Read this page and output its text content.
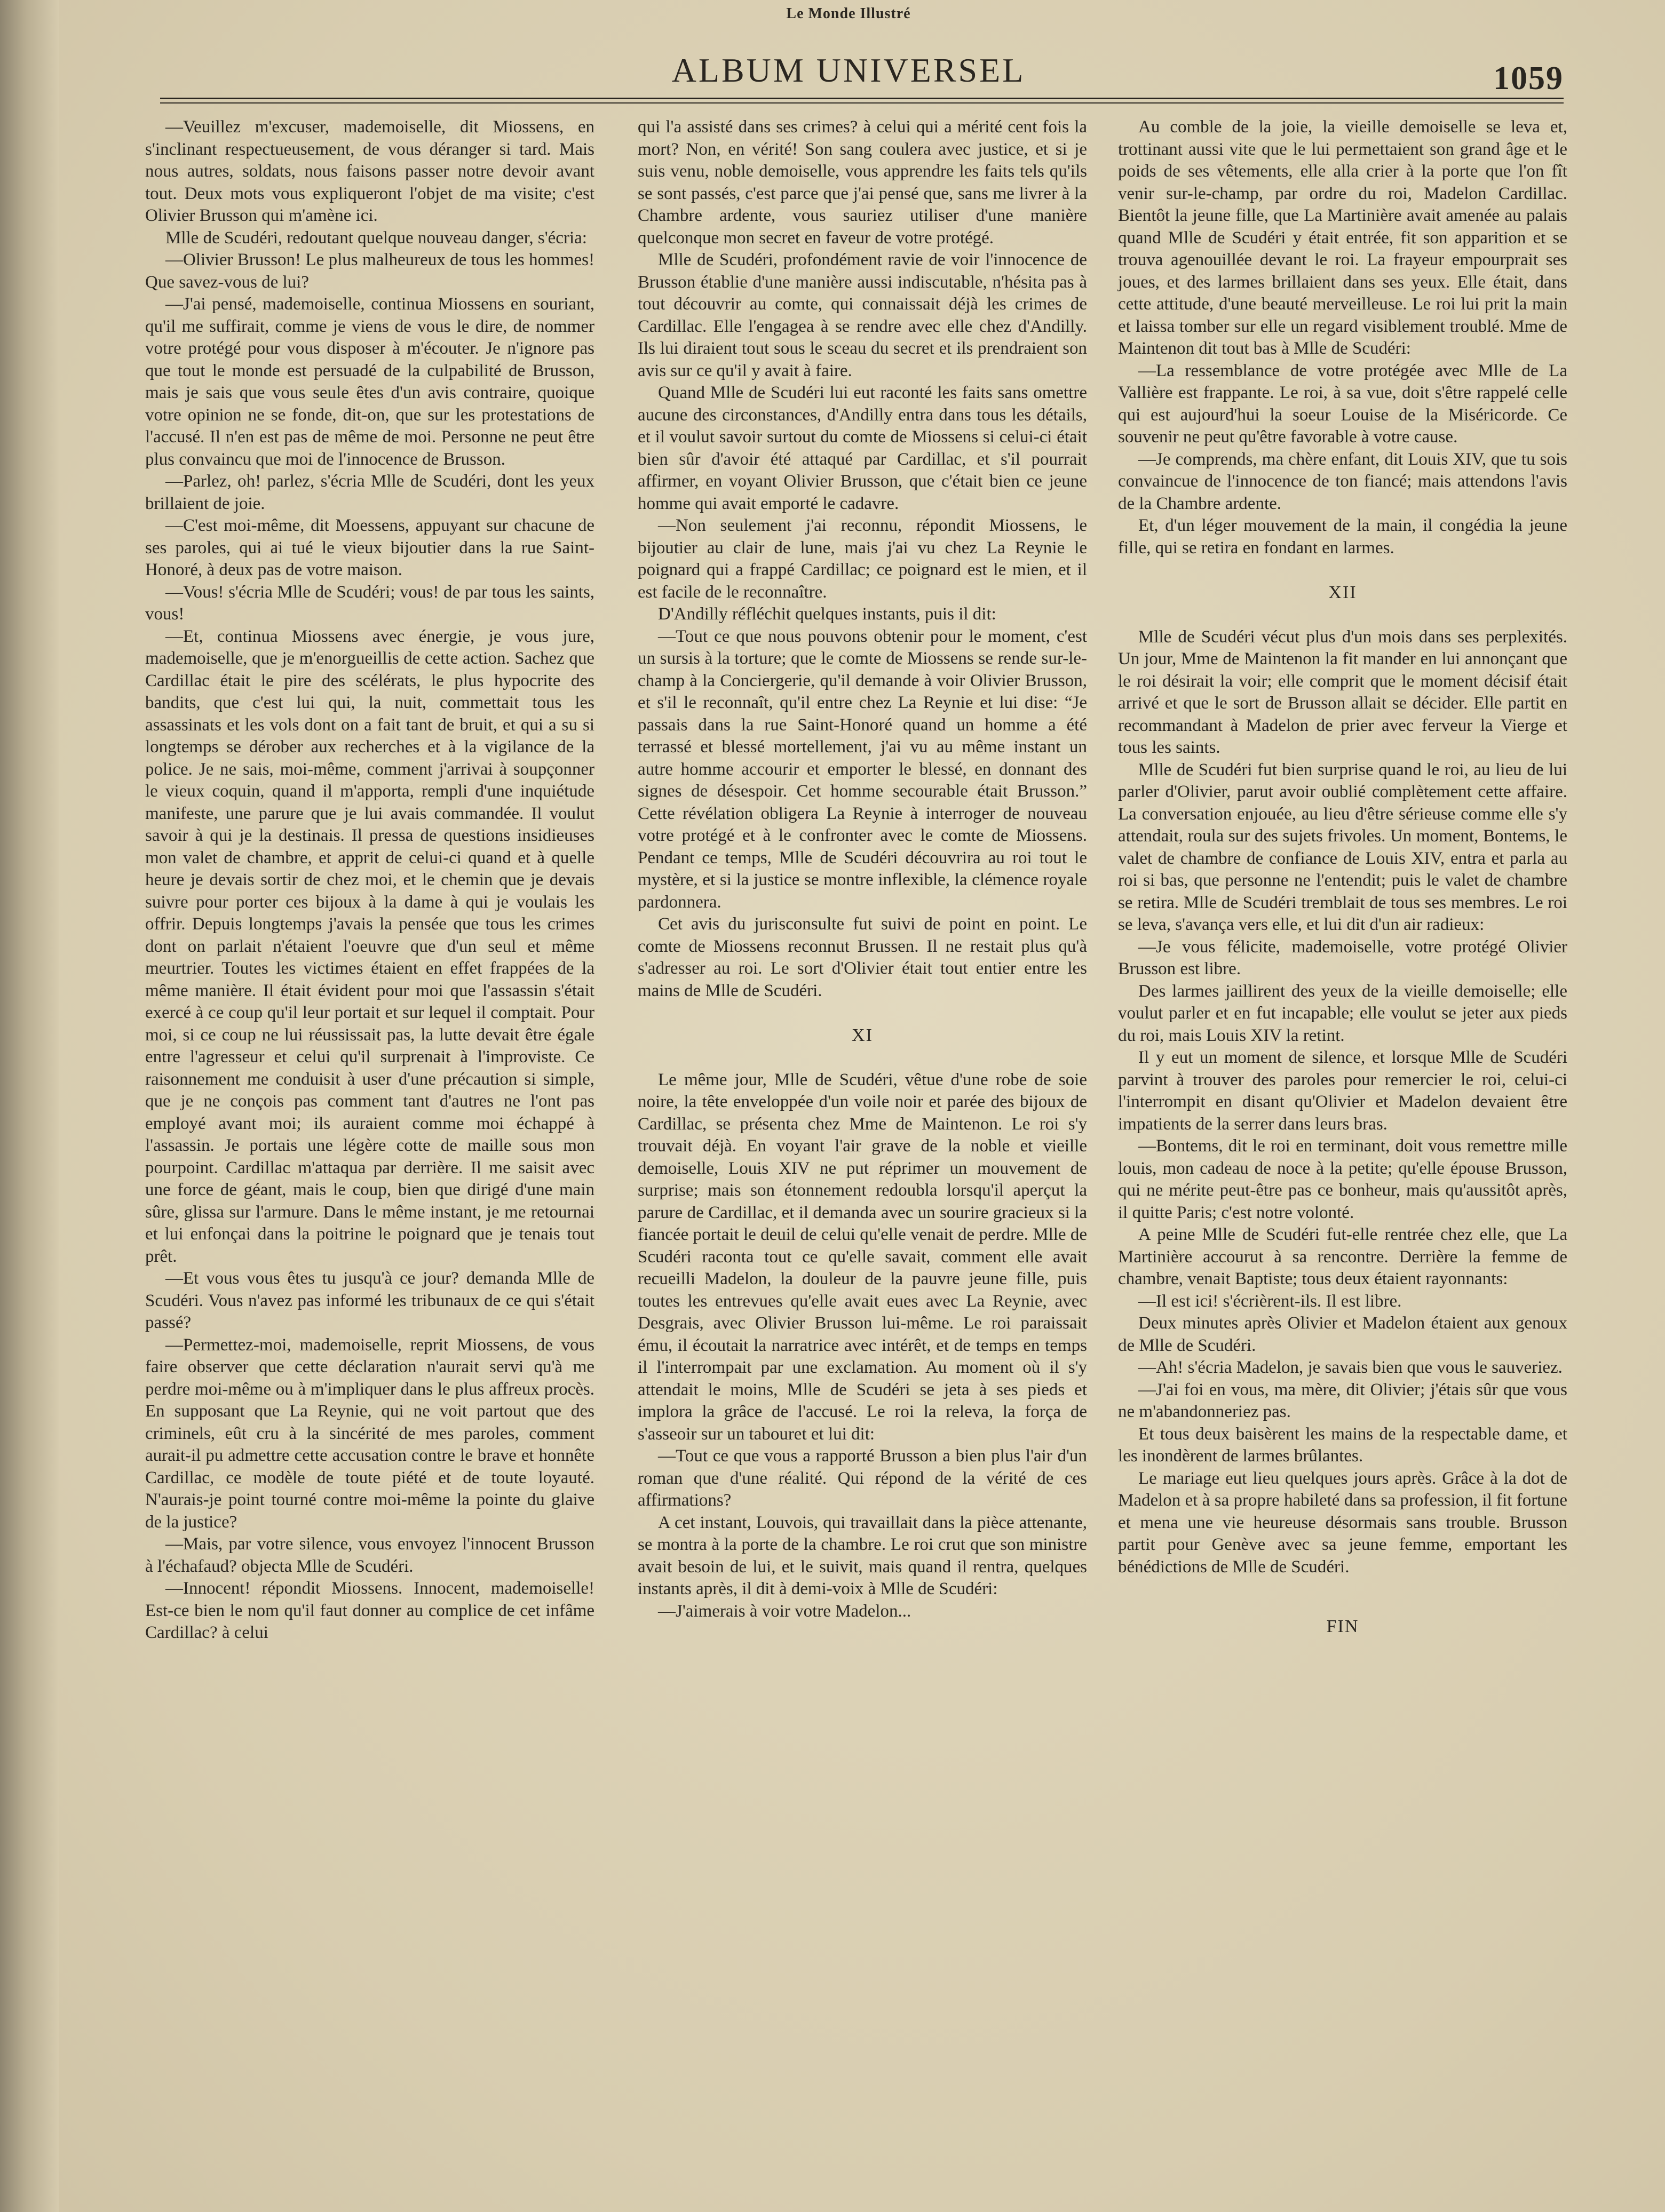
Le Monde Illustré
ALBUM UNIVERSEL	1059

—Veuillez m'excuser, mademoiselle, dit Miossens, en s'inclinant respectueusement, de vous déranger si tard. Mais nous autres, soldats, nous faisons passer notre devoir avant tout. Deux mots vous expliqueront l'objet de ma visite; c'est Olivier Brusson qui m'amène ici.

Mlle de Scudéri, redoutant quelque nouveau danger, s'écria:

—Olivier Brusson! Le plus malheureux de tous les hommes! Que savez-vous de lui?

—J'ai pensé, mademoiselle, continua Miossens en souriant, qu'il me suffirait, comme je viens de vous le dire, de nommer votre protégé pour vous disposer à m'écouter. Je n'ignore pas que tout le monde est persuadé de la culpabilité de Brusson, mais je sais que vous seule êtes d'un avis contraire, quoique votre opinion ne se fonde, dit-on, que sur les protestations de l'accusé. Il n'en est pas de même de moi. Personne ne peut être plus convaincu que moi de l'innocence de Brusson.

—Parlez, oh! parlez, s'écria Mlle de Scudéri, dont les yeux brillaient de joie.

—C'est moi-même, dit Moessens, appuyant sur chacune de ses paroles, qui ai tué le vieux bijoutier dans la rue Saint-Honoré, à deux pas de votre maison.

—Vous! s'écria Mlle de Scudéri; vous! de par tous les saints, vous!

—Et, continua Miossens avec énergie, je vous jure, mademoiselle, que je m'enorgueillis de cette action. Sachez que Cardillac était le pire des scélérats, le plus hypocrite des bandits, que c'est lui qui, la nuit, commettait tous les assassinats et les vols dont on a fait tant de bruit, et qui a su si longtemps se dérober aux recherches et à la vigilance de la police. Je ne sais, moi-même, comment j'arrivai à soupçonner le vieux coquin, quand il m'apporta, rempli d'une inquiétude manifeste, une parure que je lui avais commandée. Il voulut savoir à qui je la destinais. Il pressa de questions insidieuses mon valet de chambre, et apprit de celui-ci quand et à quelle heure je devais sortir de chez moi, et le chemin que je devais suivre pour porter ces bijoux à la dame à qui je voulais les offrir. Depuis longtemps j'avais la pensée que tous les crimes dont on parlait n'étaient l'oeuvre que d'un seul et même meurtrier. Toutes les victimes étaient en effet frappées de la même manière. Il était évident pour moi que l'assassin s'était exercé à ce coup qu'il leur portait et sur lequel il comptait. Pour moi, si ce coup ne lui réussissait pas, la lutte devait être égale entre l'agresseur et celui qu'il surprenait à l'improviste. Ce raisonnement me conduisit à user d'une précaution si simple, que je ne conçois pas comment tant d'autres ne l'ont pas employé avant moi; ils auraient comme moi échappé à l'assassin. Je portais une légère cotte de maille sous mon pourpoint. Cardillac m'attaqua par derrière. Il me saisit avec une force de géant, mais le coup, bien que dirigé d'une main sûre, glissa sur l'armure. Dans le même instant, je me retournai et lui enfonçai dans la poitrine le poignard que je tenais tout prêt.

—Et vous vous êtes tu jusqu'à ce jour? demanda Mlle de Scudéri. Vous n'avez pas informé les tribunaux de ce qui s'était passé?

—Permettez-moi, mademoiselle, reprit Miossens, de vous faire observer que cette déclaration n'aurait servi qu'à me perdre moi-même ou à m'impliquer dans le plus affreux procès. En supposant que La Reynie, qui ne voit partout que des criminels, eût cru à la sincérité de mes paroles, comment aurait-il pu admettre cette accusation contre le brave et honnête Cardillac, ce modèle de toute piété et de toute loyauté. N'aurais-je point tourné contre moi-même la pointe du glaive de la justice?

—Mais, par votre silence, vous envoyez l'innocent Brusson à l'échafaud? objecta Mlle de Scudéri.

—Innocent! répondit Miossens. Innocent, mademoiselle! Est-ce bien le nom qu'il faut donner au complice de cet infâme Cardillac? à celui

qui l'a assisté dans ses crimes? à celui qui a mérité cent fois la mort? Non, en vérité! Son sang coulera avec justice, et si je suis venu, noble demoiselle, vous apprendre les faits tels qu'ils se sont passés, c'est parce que j'ai pensé que, sans me livrer à la Chambre ardente, vous sauriez utiliser d'une manière quelconque mon secret en faveur de votre protégé.

Mlle de Scudéri, profondément ravie de voir l'innocence de Brusson établie d'une manière aussi indiscutable, n'hésita pas à tout découvrir au comte, qui connaissait déjà les crimes de Cardillac. Elle l'engagea à se rendre avec elle chez d'Andilly. Ils lui diraient tout sous le sceau du secret et ils prendraient son avis sur ce qu'il y avait à faire.

Quand Mlle de Scudéri lui eut raconté les faits sans omettre aucune des circonstances, d'Andilly entra dans tous les détails, et il voulut savoir surtout du comte de Miossens si celui-ci était bien sûr d'avoir été attaqué par Cardillac, et s'il pourrait affirmer, en voyant Olivier Brusson, que c'était bien ce jeune homme qui avait emporté le cadavre.

—Non seulement j'ai reconnu, répondit Miossens, le bijoutier au clair de lune, mais j'ai vu chez La Reynie le poignard qui a frappé Cardillac; ce poignard est le mien, et il est facile de le reconnaître.

D'Andilly réfléchit quelques instants, puis il dit:

—Tout ce que nous pouvons obtenir pour le moment, c'est un sursis à la torture; que le comte de Miossens se rende sur-le-champ à la Conciergerie, qu'il demande à voir Olivier Brusson, et s'il le reconnaît, qu'il entre chez La Reynie et lui dise: “Je passais dans la rue Saint-Honoré quand un homme a été terrassé et blessé mortellement, j'ai vu au même instant un autre homme accourir et emporter le blessé, en donnant des signes de désespoir. Cet homme secourable était Brusson.” Cette révélation obligera La Reynie à interroger de nouveau votre protégé et à le confronter avec le comte de Miossens. Pendant ce temps, Mlle de Scudéri découvrira au roi tout le mystère, et si la justice se montre inflexible, la clémence royale pardonnera.

Cet avis du jurisconsulte fut suivi de point en point. Le comte de Miossens reconnut Brussen. Il ne restait plus qu'à s'adresser au roi. Le sort d'Olivier était tout entier entre les mains de Mlle de Scudéri.

XI

Le même jour, Mlle de Scudéri, vêtue d'une robe de soie noire, la tête enveloppée d'un voile noir et parée des bijoux de Cardillac, se présenta chez Mme de Maintenon. Le roi s'y trouvait déjà. En voyant l'air grave de la noble et vieille demoiselle, Louis XIV ne put réprimer un mouvement de surprise; mais son étonnement redoubla lorsqu'il aperçut la parure de Cardillac, et il demanda avec un sourire gracieux si la fiancée portait le deuil de celui qu'elle venait de perdre. Mlle de Scudéri raconta tout ce qu'elle savait, comment elle avait recueilli Madelon, la douleur de la pauvre jeune fille, puis toutes les entrevues qu'elle avait eues avec La Reynie, avec Desgrais, avec Olivier Brusson lui-même. Le roi paraissait ému, il écoutait la narratrice avec intérêt, et de temps en temps il l'interrompait par une exclamation. Au moment où il s'y attendait le moins, Mlle de Scudéri se jeta à ses pieds et implora la grâce de l'accusé. Le roi la releva, la força de s'asseoir sur un tabouret et lui dit:

—Tout ce que vous a rapporté Brusson a bien plus l'air d'un roman que d'une réalité. Qui répond de la vérité de ces affirmations?

A cet instant, Louvois, qui travaillait dans la pièce attenante, se montra à la porte de la chambre. Le roi crut que son ministre avait besoin de lui, et le suivit, mais quand il rentra, quelques instants après, il dit à demi-voix à Mlle de Scudéri:

—J'aimerais à voir votre Madelon...

Au comble de la joie, la vieille demoiselle se leva et, trottinant aussi vite que le lui permettaient son grand âge et le poids de ses vêtements, elle alla crier à la porte que l'on fît venir sur-le-champ, par ordre du roi, Madelon Cardillac. Bientôt la jeune fille, que La Martinière avait amenée au palais quand Mlle de Scudéri y était entrée, fit son apparition et se trouva agenouillée devant le roi. La frayeur empourprait ses joues, et des larmes brillaient dans ses yeux. Elle était, dans cette attitude, d'une beauté merveilleuse. Le roi lui prit la main et laissa tomber sur elle un regard visiblement troublé. Mme de Maintenon dit tout bas à Mlle de Scudéri:

—La ressemblance de votre protégée avec Mlle de La Vallière est frappante. Le roi, à sa vue, doit s'être rappelé celle qui est aujourd'hui la soeur Louise de la Miséricorde. Ce souvenir ne peut qu'être favorable à votre cause.

—Je comprends, ma chère enfant, dit Louis XIV, que tu sois convaincue de l'innocence de ton fiancé; mais attendons l'avis de la Chambre ardente.

Et, d'un léger mouvement de la main, il congédia la jeune fille, qui se retira en fondant en larmes.

XII

Mlle de Scudéri vécut plus d'un mois dans ses perplexités. Un jour, Mme de Maintenon la fit mander en lui annonçant que le roi désirait la voir; elle comprit que le moment décisif était arrivé et que le sort de Brusson allait se décider. Elle partit en recommandant à Madelon de prier avec ferveur la Vierge et tous les saints.

Mlle de Scudéri fut bien surprise quand le roi, au lieu de lui parler d'Olivier, parut avoir oublié complètement cette affaire. La conversation enjouée, au lieu d'être sérieuse comme elle s'y attendait, roula sur des sujets frivoles. Un moment, Bontems, le valet de chambre de confiance de Louis XIV, entra et parla au roi si bas, que personne ne l'entendit; puis le valet de chambre se retira. Mlle de Scudéri tremblait de tous ses membres. Le roi se leva, s'avança vers elle, et lui dit d'un air radieux:

—Je vous félicite, mademoiselle, votre protégé Olivier Brusson est libre.

Des larmes jaillirent des yeux de la vieille demoiselle; elle voulut parler et en fut incapable; elle voulut se jeter aux pieds du roi, mais Louis XIV la retint.

Il y eut un moment de silence, et lorsque Mlle de Scudéri parvint à trouver des paroles pour remercier le roi, celui-ci l'interrompit en disant qu'Olivier et Madelon devaient être impatients de la serrer dans leurs bras.

—Bontems, dit le roi en terminant, doit vous remettre mille louis, mon cadeau de noce à la petite; qu'elle épouse Brusson, qui ne mérite peut-être pas ce bonheur, mais qu'aussitôt après, il quitte Paris; c'est notre volonté.

A peine Mlle de Scudéri fut-elle rentrée chez elle, que La Martinière accourut à sa rencontre. Derrière la femme de chambre, venait Baptiste; tous deux étaient rayonnants:

—Il est ici! s'écrièrent-ils. Il est libre.

Deux minutes après Olivier et Madelon étaient aux genoux de Mlle de Scudéri.

—Ah! s'écria Madelon, je savais bien que vous le sauveriez.

—J'ai foi en vous, ma mère, dit Olivier; j'étais sûr que vous ne m'abandonneriez pas.

Et tous deux baisèrent les mains de la respectable dame, et les inondèrent de larmes brûlantes.

Le mariage eut lieu quelques jours après. Grâce à la dot de Madelon et à sa propre habileté dans sa profession, il fit fortune et mena une vie heureuse désormais sans trouble. Brusson partit pour Genève avec sa jeune femme, emportant les bénédictions de Mlle de Scudéri.

FIN
